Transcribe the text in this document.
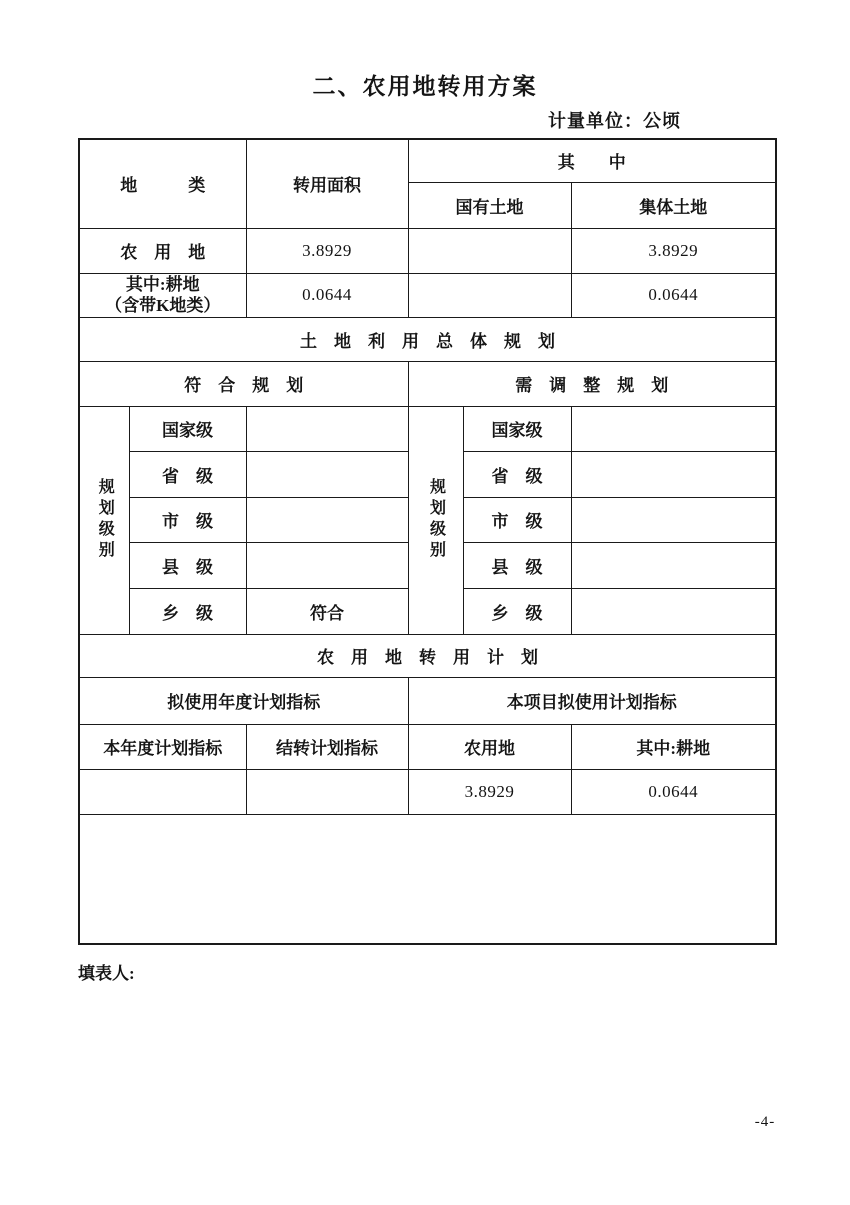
二、农用地转用方案
计量单位：公顷
地　　　类		转用面积	其　　中		
			国有土地		集体土地
农　用　地		3.8929			3.8929

其中:耕地
（含带K地类）		0.0644			0.0644
土　地　利　用　总　体　规　划					
符　合　规　划			需　调　整　规　划		

规划级别	国家级		规划级别	国家级	
	省　级			省　级	
	市　级			市　级	
	县　级			县　级	
	乡　级	符合		乡　级	
农　用　地　转　用　计　划					
拟使用年度计划指标			本项目拟使用计划指标		
本年度计划指标		结转计划指标	农用地		其中:耕地
			3.8929		0.0644

填表人:
-4-
